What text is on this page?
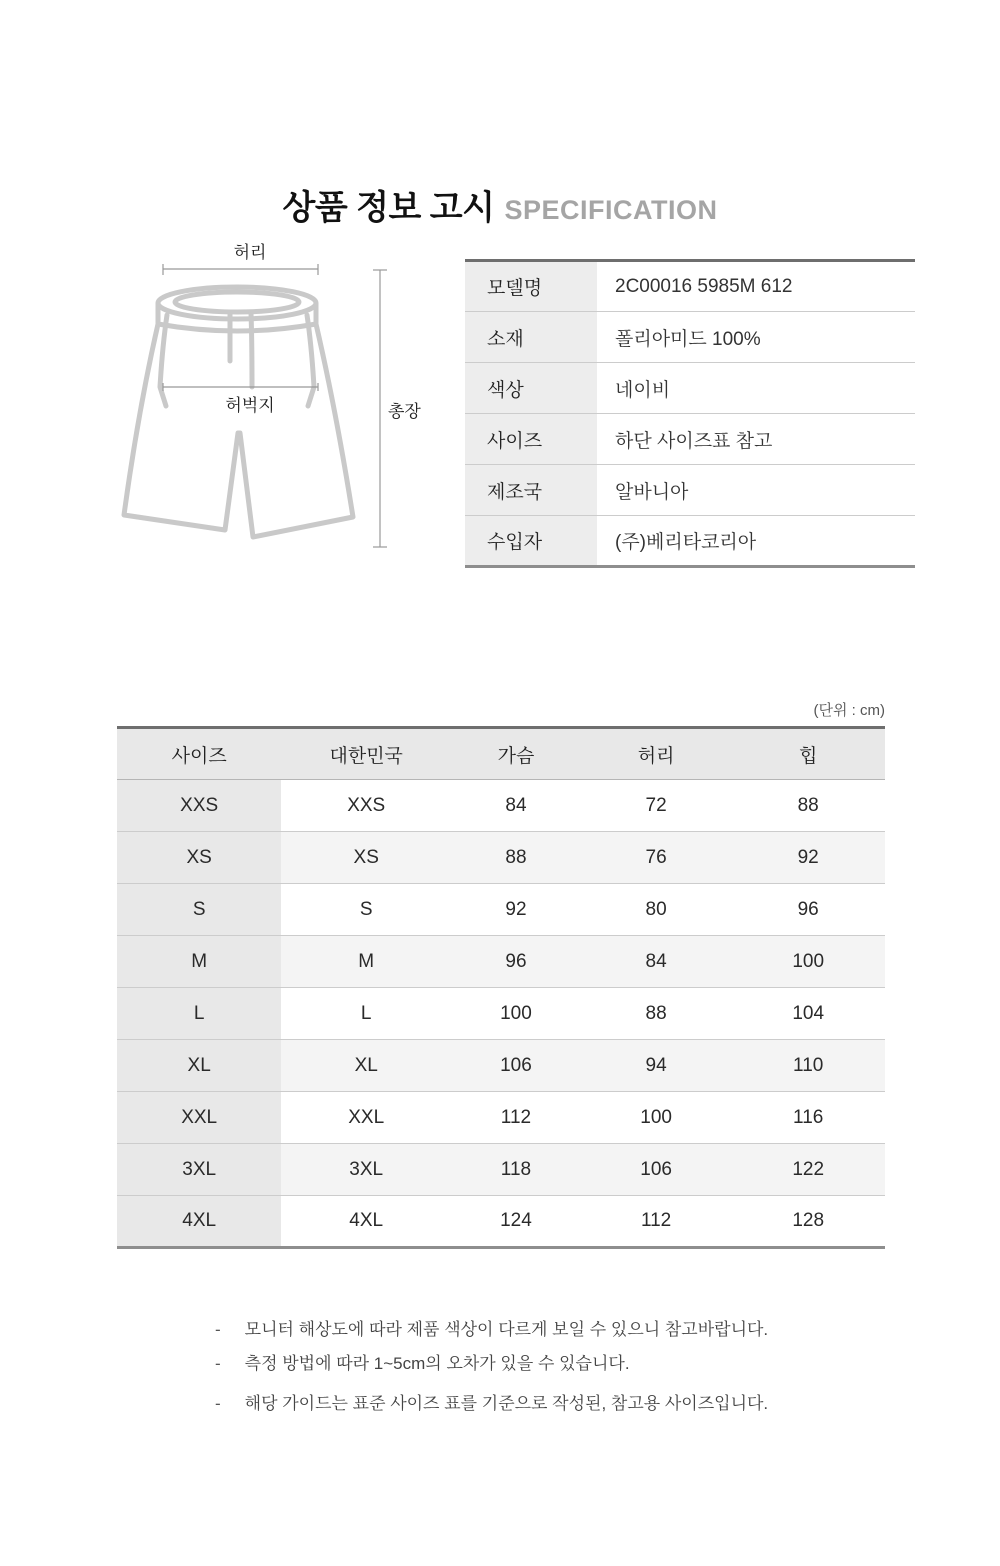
상품 정보 고시 SPECIFICATION
허리
총장
허벅지
모델명	2C00016 5985M 612

소재	폴리아미드 100%

색상	네이비

사이즈	하단 사이즈표 참고

제조국	알바니아

수입자	(주)베리타코리아
(단위 : cm)
사이즈	대한민국	가슴	허리	힙
XXS	XXS	84	72	88
XS	XS	88	76	92
S	S	92	80	96
M	M	96	84	100
L	L	100	88	104
XL	XL	106	94	110
XXL	XXL	112	100	116
3XL	3XL	118	106	122
4XL	4XL	124	112	128
- 모니터 해상도에 따라 제품 색상이 다르게 보일 수 있으니 참고바랍니다.
- 측정 방법에 따라 1~5cm의 오차가 있을 수 있습니다.
- 해당 가이드는 표준 사이즈 표를 기준으로 작성된, 참고용 사이즈입니다.
